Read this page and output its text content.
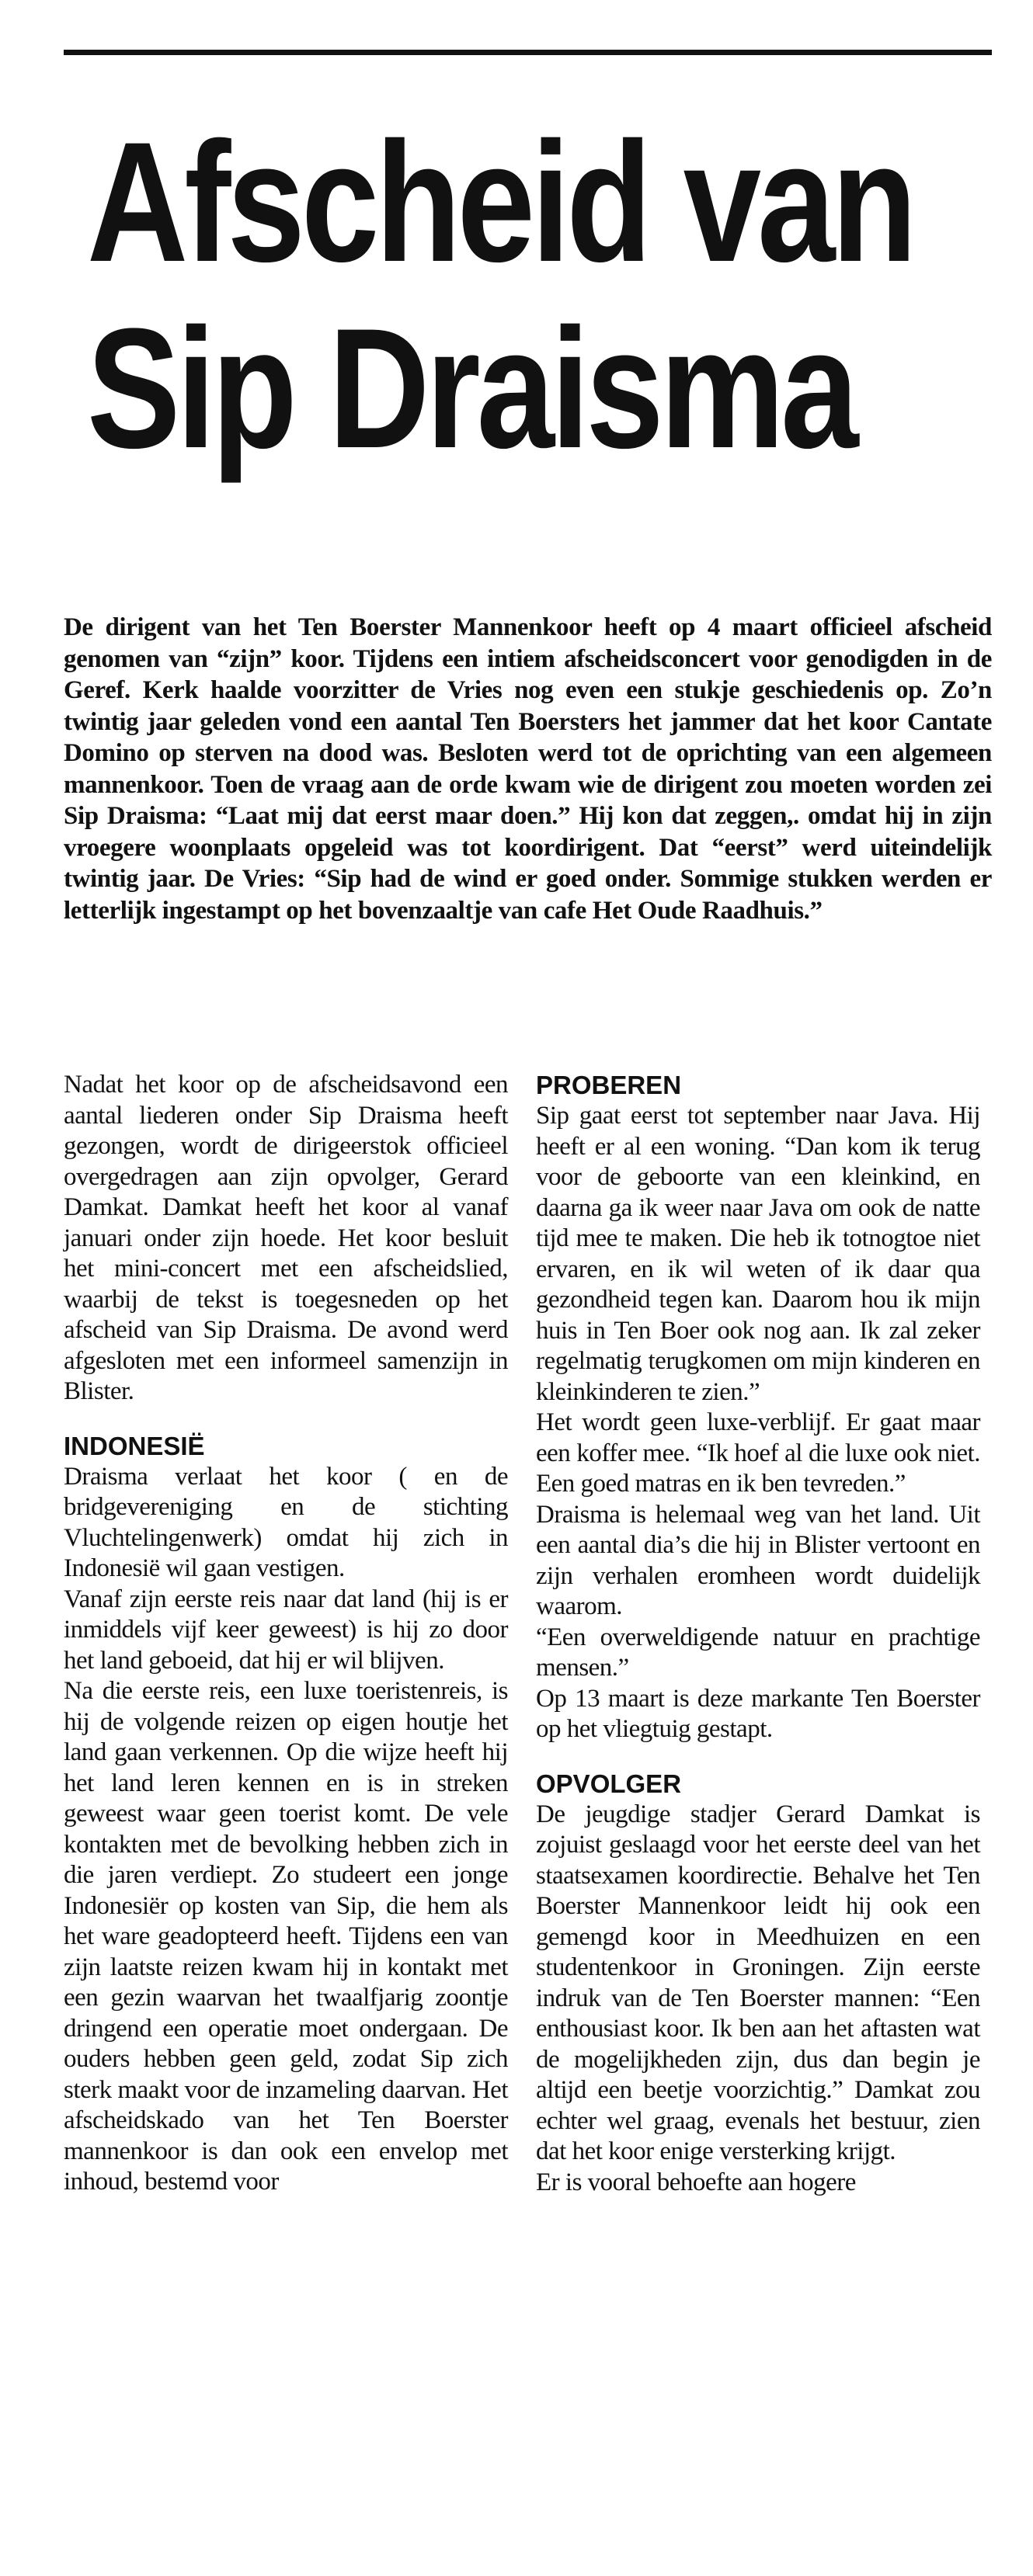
Afscheid van
Sip Draisma

De dirigent van het Ten Boerster Mannenkoor heeft op 4 maart officieel afscheid genomen van “zijn” koor. Tijdens een intiem afscheidsconcert voor genodigden in de Geref. Kerk haalde voorzitter de Vries nog even een stukje geschiedenis op. Zo’n twintig jaar geleden vond een aantal Ten Boersters het jammer dat het koor Cantate Domino op sterven na dood was. Besloten werd tot de oprichting van een algemeen mannenkoor. Toen de vraag aan de orde kwam wie de dirigent zou moeten worden zei Sip Draisma: “Laat mij dat eerst maar doen.” Hij kon dat zeggen,. omdat hij in zijn vroegere woonplaats opgeleid was tot koordirigent. Dat “eerst” werd uiteindelijk twintig jaar. De Vries: “Sip had de wind er goed onder. Sommige stukken werden er letterlijk ingestampt op het bovenzaaltje van cafe Het Oude Raadhuis.”

Nadat het koor op de afscheidsavond een aantal liederen onder Sip Draisma heeft gezongen, wordt de dirigeerstok officieel overgedragen aan zijn opvolger, Gerard Damkat. Damkat heeft het koor al vanaf januari onder zijn hoede. Het koor besluit het mini-concert met een afscheidslied, waarbij de tekst is toegesneden op het afscheid van Sip Draisma. De avond werd afgesloten met een informeel samenzijn in Blister.

INDONESIË

Draisma verlaat het koor ( en de bridgevereniging en de stichting Vluchtelingenwerk) omdat hij zich in Indonesië wil gaan vestigen.

Vanaf zijn eerste reis naar dat land (hij is er inmiddels vijf keer geweest) is hij zo door het land geboeid, dat hij er wil blijven.

Na die eerste reis, een luxe toeristenreis, is hij de volgende reizen op eigen houtje het land gaan verkennen. Op die wijze heeft hij het land leren kennen en is in streken geweest waar geen toerist komt. De vele kontakten met de bevolking hebben zich in die jaren verdiept. Zo studeert een jonge Indonesiër op kosten van Sip, die hem als het ware geadopteerd heeft. Tijdens een van zijn laatste reizen kwam hij in kontakt met een gezin waarvan het twaalfjarig zoontje dringend een operatie moet ondergaan. De ouders hebben geen geld, zodat Sip zich sterk maakt voor de inzameling daarvan. Het afscheidskado van het Ten Boerster mannenkoor is dan ook een envelop met inhoud, bestemd voor

PROBEREN

Sip gaat eerst tot september naar Java. Hij heeft er al een woning. “Dan kom ik terug voor de geboorte van een kleinkind, en daarna ga ik weer naar Java om ook de natte tijd mee te maken. Die heb ik totnogtoe niet ervaren, en ik wil weten of ik daar qua gezondheid tegen kan. Daarom hou ik mijn huis in Ten Boer ook nog aan. Ik zal zeker regelmatig terugkomen om mijn kinderen en kleinkinderen te zien.”

Het wordt geen luxe-verblijf. Er gaat maar een koffer mee. “Ik hoef al die luxe ook niet. Een goed matras en ik ben tevreden.”

Draisma is helemaal weg van het land. Uit een aantal dia’s die hij in Blister vertoont en zijn verhalen eromheen wordt duidelijk waarom.

“Een overweldigende natuur en prachtige mensen.”

Op 13 maart is deze markante Ten Boerster op het vliegtuig gestapt.

OPVOLGER

De jeugdige stadjer Gerard Damkat is zojuist geslaagd voor het eerste deel van het staatsexamen koordirectie. Behalve het Ten Boerster Mannenkoor leidt hij ook een gemengd koor in Meedhuizen en een studentenkoor in Groningen. Zijn eerste indruk van de Ten Boerster mannen: “Een enthousiast koor. Ik ben aan het aftasten wat de mogelijkheden zijn, dus dan begin je altijd een beetje voorzichtig.” Damkat zou echter wel graag, evenals het bestuur, zien dat het koor enige versterking krijgt.

Er is vooral behoefte aan hogere
